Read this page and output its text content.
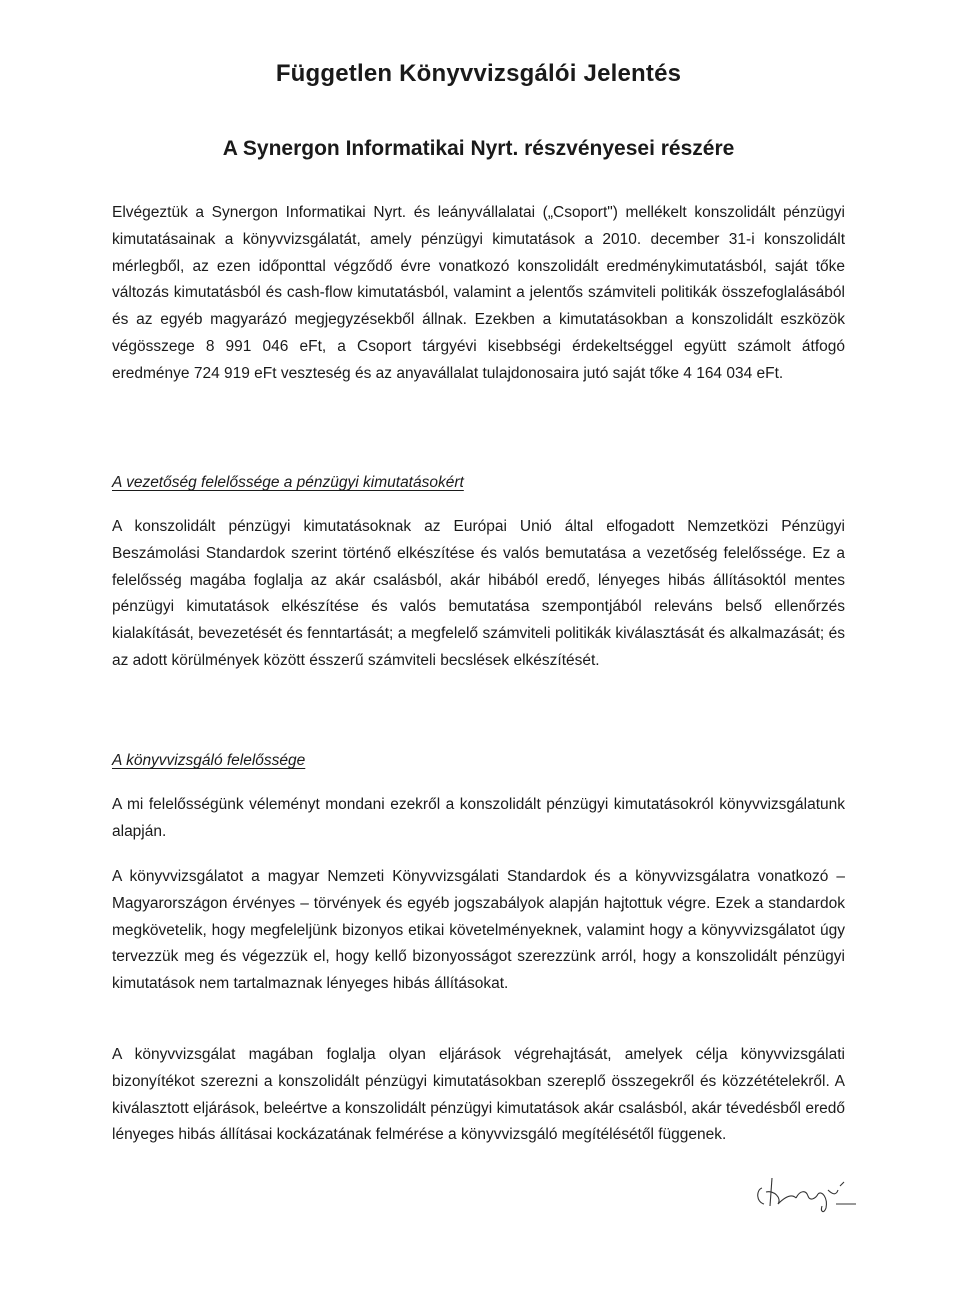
Független Könyvvizsgálói Jelentés
A Synergon Informatikai Nyrt. részvényesei részére

Elvégeztük a Synergon Informatikai Nyrt. és leányvállalatai („Csoport") mellékelt konszolidált pénzügyi kimutatásainak a könyvvizsgálatát, amely pénzügyi kimutatások a 2010. december 31-i konszolidált mérlegből, az ezen időponttal végződő évre vonatkozó konszolidált eredménykimutatásból, saját tőke változás kimutatásból és cash-flow kimutatásból, valamint a jelentős számviteli politikák összefoglalásából és az egyéb magyarázó megjegyzésekből állnak. Ezekben a kimutatásokban a konszolidált eszközök végösszege 8 991 046 eFt, a Csoport tárgyévi kisebbségi érdekeltséggel együtt számolt átfogó eredménye 724 919 eFt veszteség és az anyavállalat tulajdonosaira jutó saját tőke 4 164 034 eFt.

A vezetőség felelőssége a pénzügyi kimutatásokért

A konszolidált pénzügyi kimutatásoknak az Európai Unió által elfogadott Nemzetközi Pénzügyi Beszámolási Standardok szerint történő elkészítése és valós bemutatása a vezetőség felelőssége. Ez a felelősség magába foglalja az akár csalásból, akár hibából eredő, lényeges hibás állításoktól mentes pénzügyi kimutatások elkészítése és valós bemutatása szempontjából releváns belső ellenőrzés kialakítását, bevezetését és fenntartását; a megfelelő számviteli politikák kiválasztását és alkalmazását; és az adott körülmények között ésszerű számviteli becslések elkészítését.

A könyvvizsgáló felelőssége

A mi felelősségünk véleményt mondani ezekről a konszolidált pénzügyi kimutatásokról könyvvizsgálatunk alapján.

A könyvvizsgálatot a magyar Nemzeti Könyvvizsgálati Standardok és a könyvvizsgálatra vonatkozó – Magyarországon érvényes – törvények és egyéb jogszabályok alapján hajtottuk végre. Ezek a standardok megkövetelik, hogy megfeleljünk bizonyos etikai követelményeknek, valamint hogy a könyvvizsgálatot úgy tervezzük meg és végezzük el, hogy kellő bizonyosságot szerezzünk arról, hogy a konszolidált pénzügyi kimutatások nem tartalmaznak lényeges hibás állításokat.

A könyvvizsgálat magában foglalja olyan eljárások végrehajtását, amelyek célja könyvvizsgálati bizonyítékot szerezni a konszolidált pénzügyi kimutatásokban szereplő összegekről és közzétételekről. A kiválasztott eljárások, beleértve a konszolidált pénzügyi kimutatások akár csalásból, akár tévedésből eredő lényeges hibás állításai kockázatának felmérése a könyvvizsgáló megítélésétől függenek.
